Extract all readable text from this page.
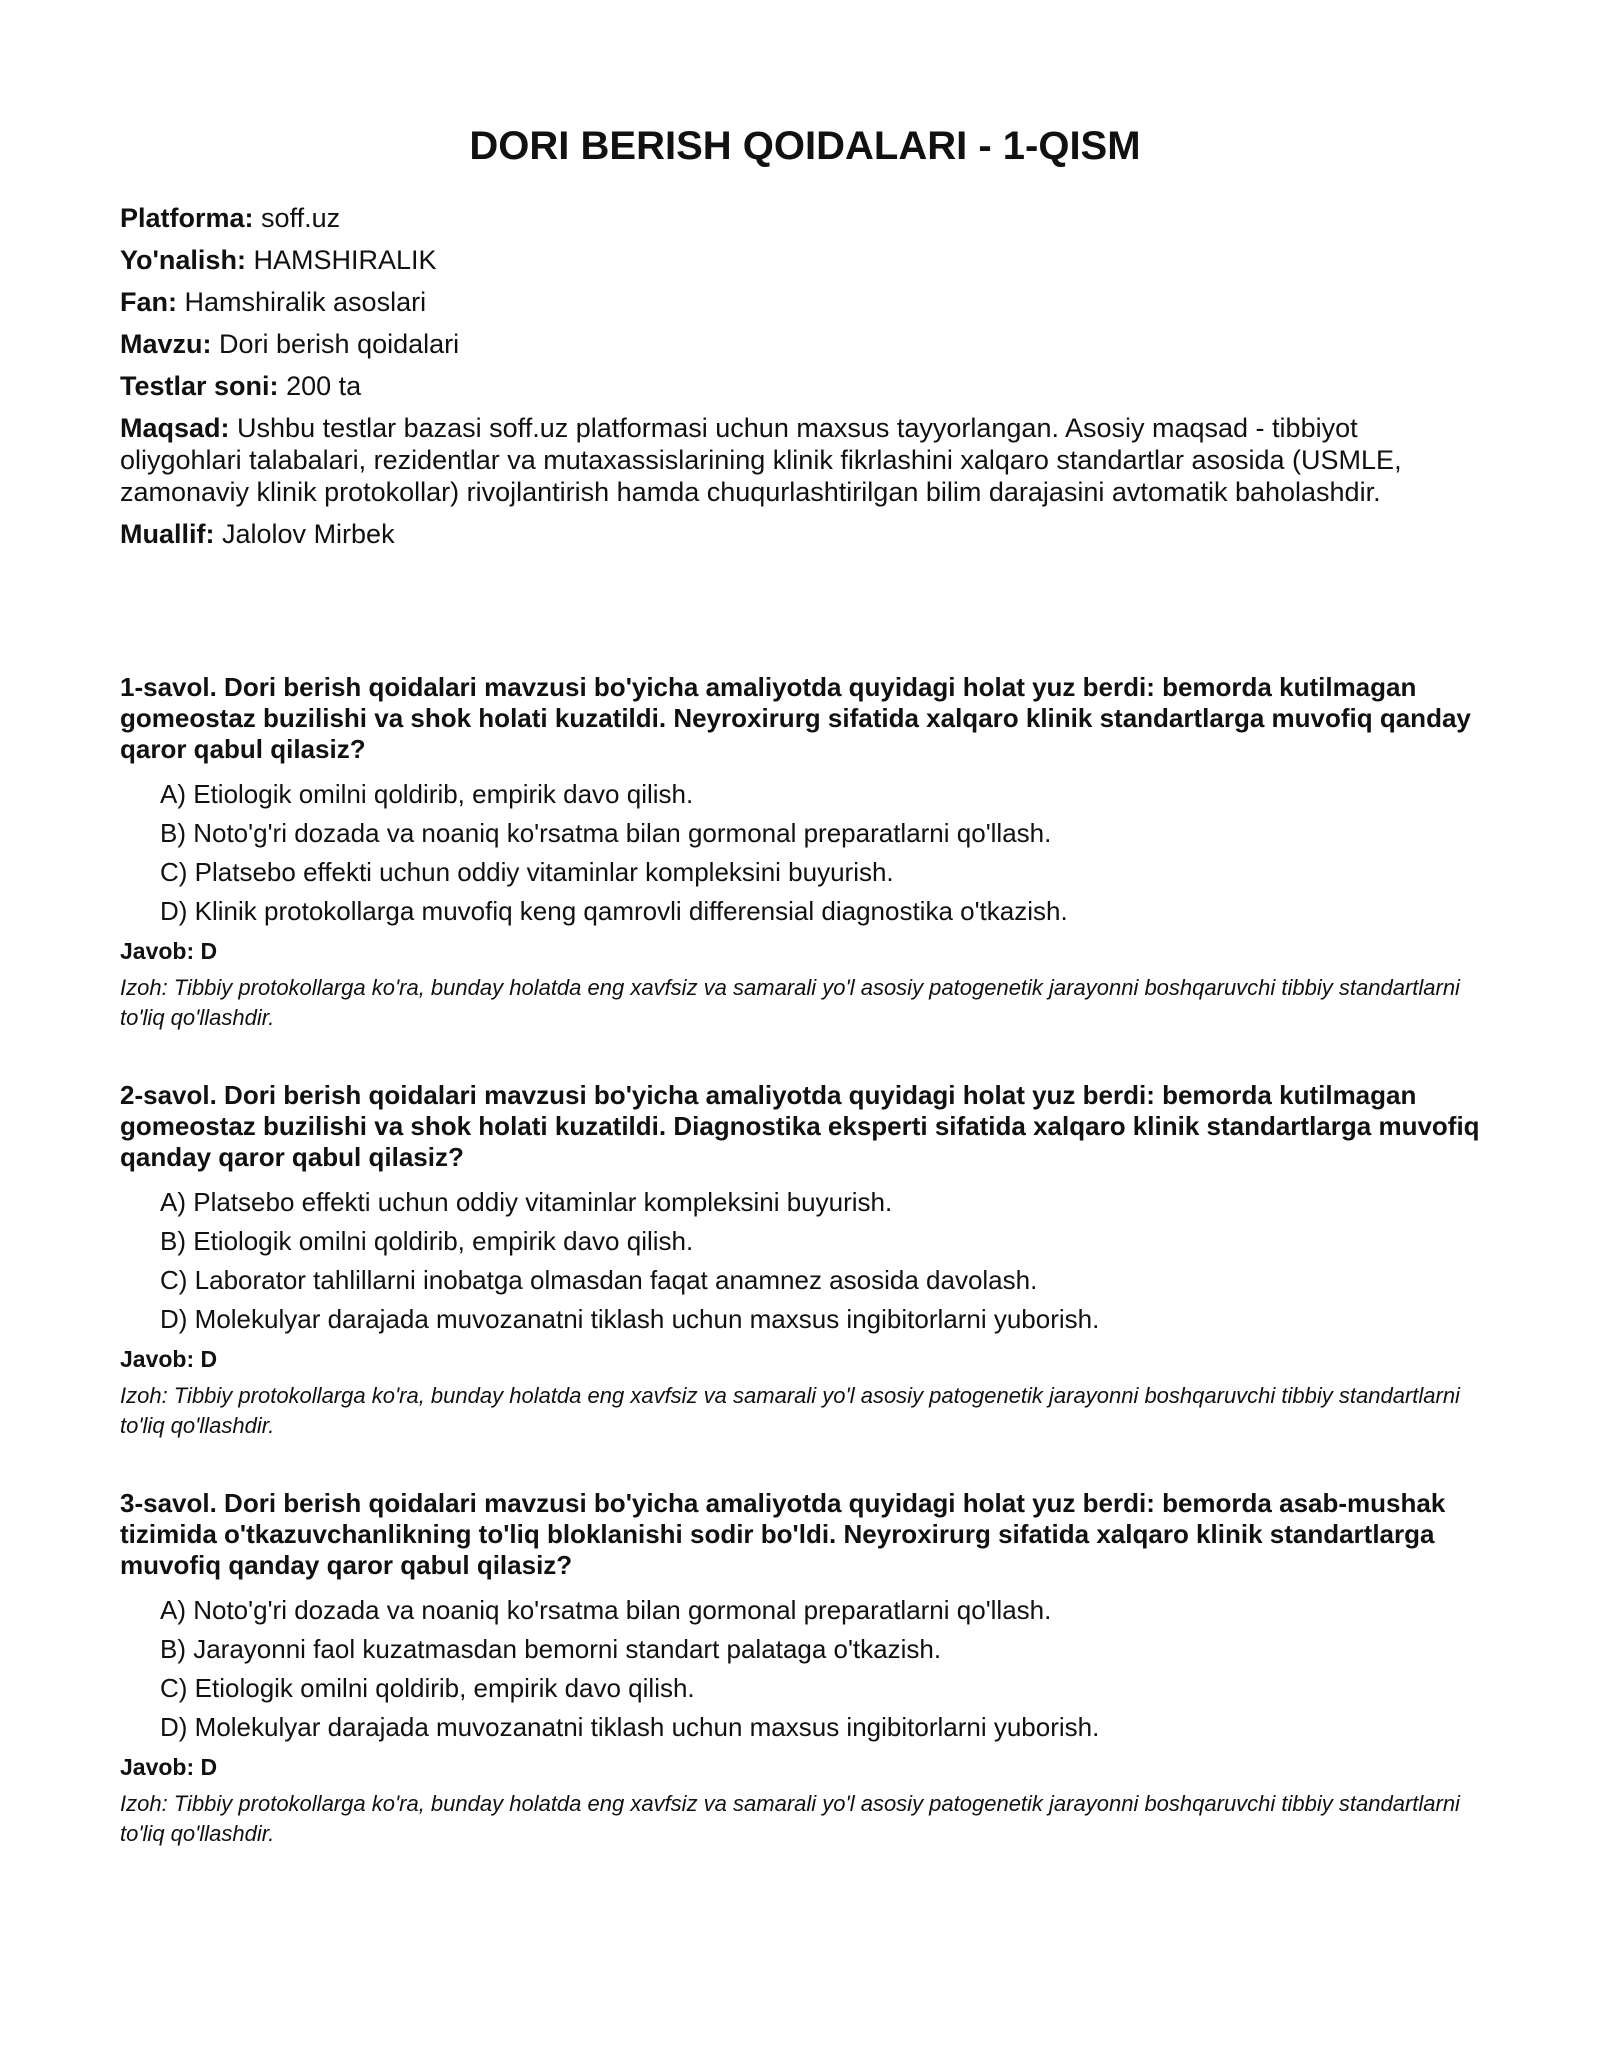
DORI BERISH QOIDALARI - 1-QISM

Platforma: soff.uz

Yo'nalish: HAMSHIRALIK

Fan: Hamshiralik asoslari

Mavzu: Dori berish qoidalari

Testlar soni: 200 ta

Maqsad: Ushbu testlar bazasi soff.uz platformasi uchun maxsus tayyorlangan. Asosiy maqsad - tibbiyot oliygohlari talabalari, rezidentlar va mutaxassislarining klinik fikrlashini xalqaro standartlar asosida (USMLE, zamonaviy klinik protokollar) rivojlantirish hamda chuqurlashtirilgan bilim darajasini avtomatik baholashdir.

Muallif: Jalolov Mirbek

1-savol. Dori berish qoidalari mavzusi bo'yicha amaliyotda quyidagi holat yuz berdi: bemorda kutilmagan gomeostaz buzilishi va shok holati kuzatildi. Neyroxirurg sifatida xalqaro klinik standartlarga muvofiq qanday qaror qabul qilasiz?

A) Etiologik omilni qoldirib, empirik davo qilish.
B) Noto'g'ri dozada va noaniq ko'rsatma bilan gormonal preparatlarni qo'llash.
C) Platsebo effekti uchun oddiy vitaminlar kompleksini buyurish.
D) Klinik protokollarga muvofiq keng qamrovli differensial diagnostika o'tkazish.

Javob: D

Izoh: Tibbiy protokollarga ko'ra, bunday holatda eng xavfsiz va samarali yo'l asosiy patogenetik jarayonni boshqaruvchi tibbiy standartlarni to'liq qo'llashdir.

2-savol. Dori berish qoidalari mavzusi bo'yicha amaliyotda quyidagi holat yuz berdi: bemorda kutilmagan gomeostaz buzilishi va shok holati kuzatildi. Diagnostika eksperti sifatida xalqaro klinik standartlarga muvofiq qanday qaror qabul qilasiz?

A) Platsebo effekti uchun oddiy vitaminlar kompleksini buyurish.
B) Etiologik omilni qoldirib, empirik davo qilish.
C) Laborator tahlillarni inobatga olmasdan faqat anamnez asosida davolash.
D) Molekulyar darajada muvozanatni tiklash uchun maxsus ingibitorlarni yuborish.

Javob: D

Izoh: Tibbiy protokollarga ko'ra, bunday holatda eng xavfsiz va samarali yo'l asosiy patogenetik jarayonni boshqaruvchi tibbiy standartlarni to'liq qo'llashdir.

3-savol. Dori berish qoidalari mavzusi bo'yicha amaliyotda quyidagi holat yuz berdi: bemorda asab-mushak tizimida o'tkazuvchanlikning to'liq bloklanishi sodir bo'ldi. Neyroxirurg sifatida xalqaro klinik standartlarga muvofiq qanday qaror qabul qilasiz?

A) Noto'g'ri dozada va noaniq ko'rsatma bilan gormonal preparatlarni qo'llash.
B) Jarayonni faol kuzatmasdan bemorni standart palataga o'tkazish.
C) Etiologik omilni qoldirib, empirik davo qilish.
D) Molekulyar darajada muvozanatni tiklash uchun maxsus ingibitorlarni yuborish.

Javob: D

Izoh: Tibbiy protokollarga ko'ra, bunday holatda eng xavfsiz va samarali yo'l asosiy patogenetik jarayonni boshqaruvchi tibbiy standartlarni to'liq qo'llashdir.
